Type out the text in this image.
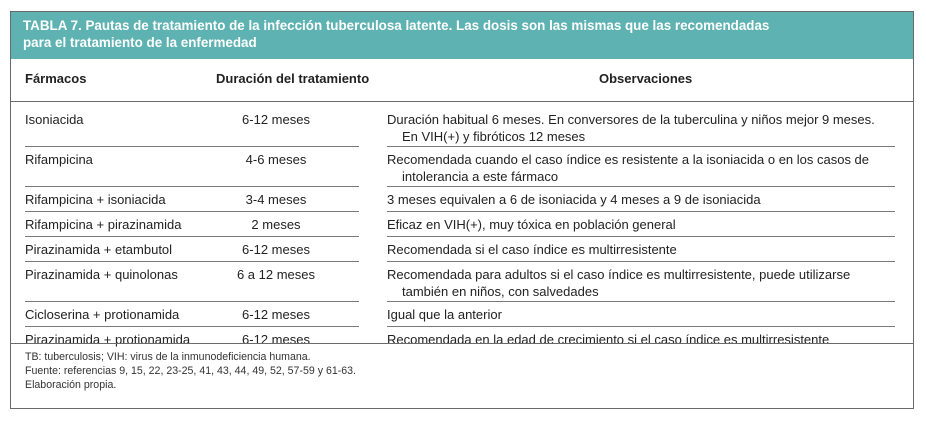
TABLA 7. Pautas de tratamiento de la infección tuberculosa latente. Las dosis son las mismas que las recomendadas
para el tratamiento de la enfermedad
Fármacos	Duración del tratamiento	Observaciones
Isoniacida	6-12 meses	Duración habitual 6 meses. En conversores de la tuberculina y niños mejor 9 meses.
En VIH(+) y fibróticos 12 meses
Rifampicina	4-6 meses	Recomendada cuando el caso índice es resistente a la isoniacida o en los casos de
intolerancia a este fármaco
Rifampicina + isoniacida	3-4 meses	3 meses equivalen a 6 de isoniacida y 4 meses a 9 de isoniacida
Rifampicina + pirazinamida	2 meses	Eficaz en VIH(+), muy tóxica en población general
Pirazinamida + etambutol	6-12 meses	Recomendada si el caso índice es multirresistente
Pirazinamida + quinolonas	6 a 12 meses	Recomendada para adultos si el caso índice es multirresistente, puede utilizarse
también en niños, con salvedades
Cicloserina + protionamida	6-12 meses	Igual que la anterior
Pirazinamida + protionamida	6-12 meses	Recomendada en la edad de crecimiento si el caso índice es multirresistente
TB: tuberculosis; VIH: virus de la inmunodeficiencia humana.
Fuente: referencias 9, 15, 22, 23-25, 41, 43, 44, 49, 52, 57-59 y 61-63.
Elaboración propia.
